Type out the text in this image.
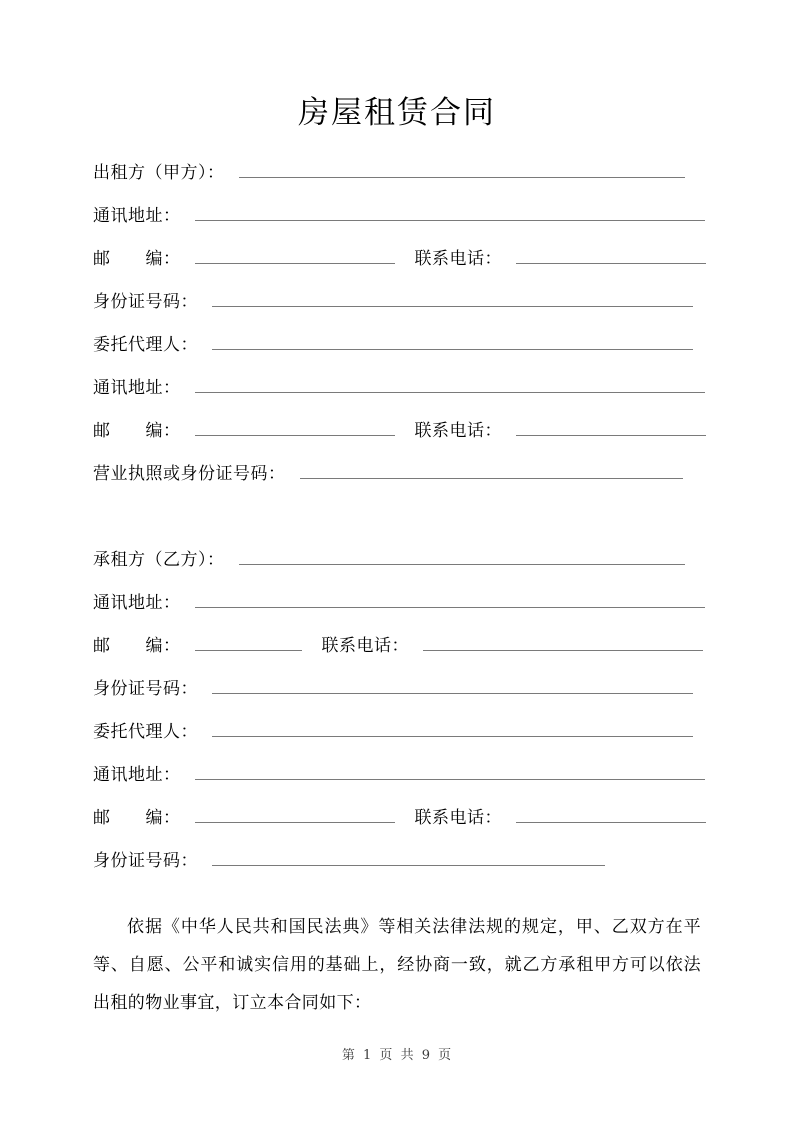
房屋租赁合同
出租方（甲方）：
通讯地址：
邮　　编：	联系电话：
身份证号码：
委托代理人：
通讯地址：
邮　　编：	联系电话：
营业执照或身份证号码：
承租方（乙方）：
通讯地址：
邮　　编：	联系电话：
身份证号码：
委托代理人：
通讯地址：
邮　　编：	联系电话：
身份证号码：
依据《中华人民共和国民法典》等相关法律法规的规定，甲、乙双方在平等、自愿、公平和诚实信用的基础上，经协商一致，就乙方承租甲方可以依法出租的物业事宜，订立本合同如下：
第 1 页 共 9 页
